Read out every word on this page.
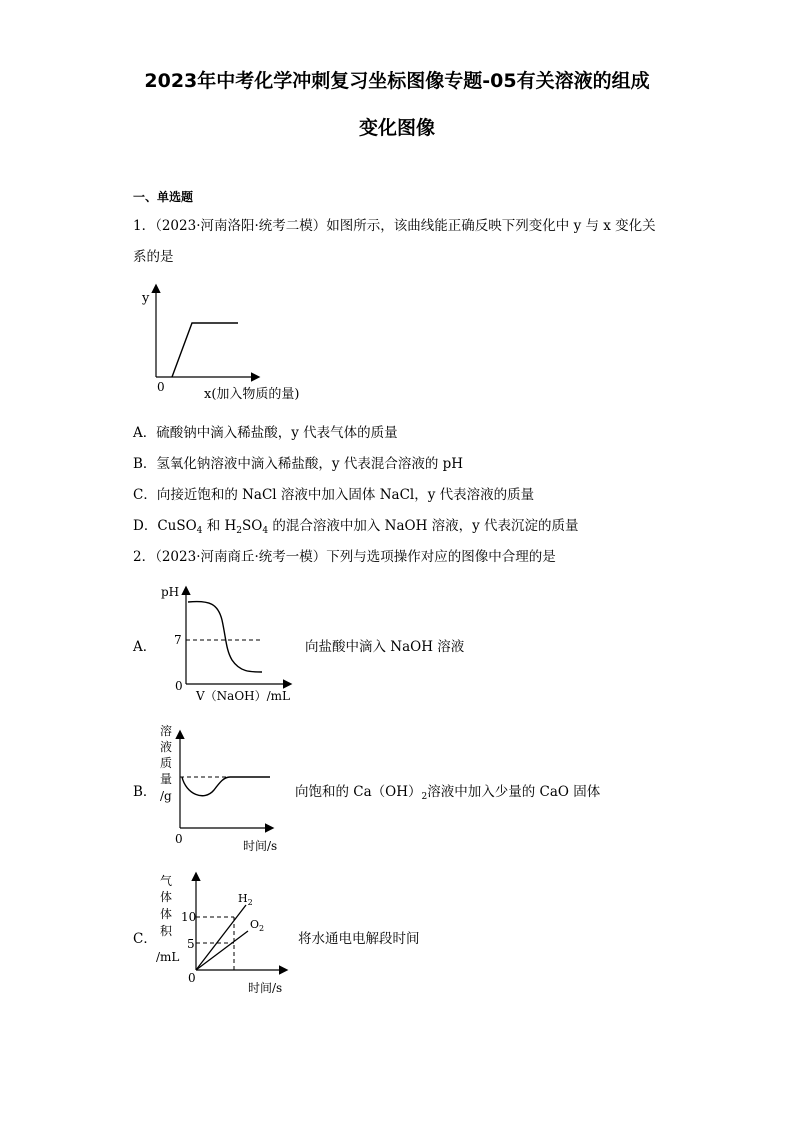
2023年中考化学冲刺复习坐标图像专题-05有关溶液的组成
变化图像
一、单选题
1．（2023·河南洛阳·统考二模）如图所示，该曲线能正确反映下列变化中 y 与 x 变化关
系的是
y
0	x(加入物质的量)
A．硫酸钠中滴入稀盐酸，y 代表气体的质量
B．氢氧化钠溶液中滴入稀盐酸，y 代表混合溶液的 pH
C．向接近饱和的 NaCl 溶液中加入固体 NaCl，y 代表溶液的质量
D．CuSO$_4$ 和 $H_2SO_4$ 的混合溶液中加入 NaOH 溶液，y 代表沉淀的质量
2．（2023·河南商丘·统考一模）下列与选项操作对应的图像中合理的是
A．
pH
7
0
V（NaOH）/mL
向盐酸中滴入 NaOH 溶液
B．
溶
液
质
量
/g
0	时间/s
向饱和的 $Ca(OH)_2$溶液中加入少量的 CaO 固体
C．
气
体
体
积
/mL
10
5
0
$H_2$
$O_2$
时间/s
将水通电电解段时间
